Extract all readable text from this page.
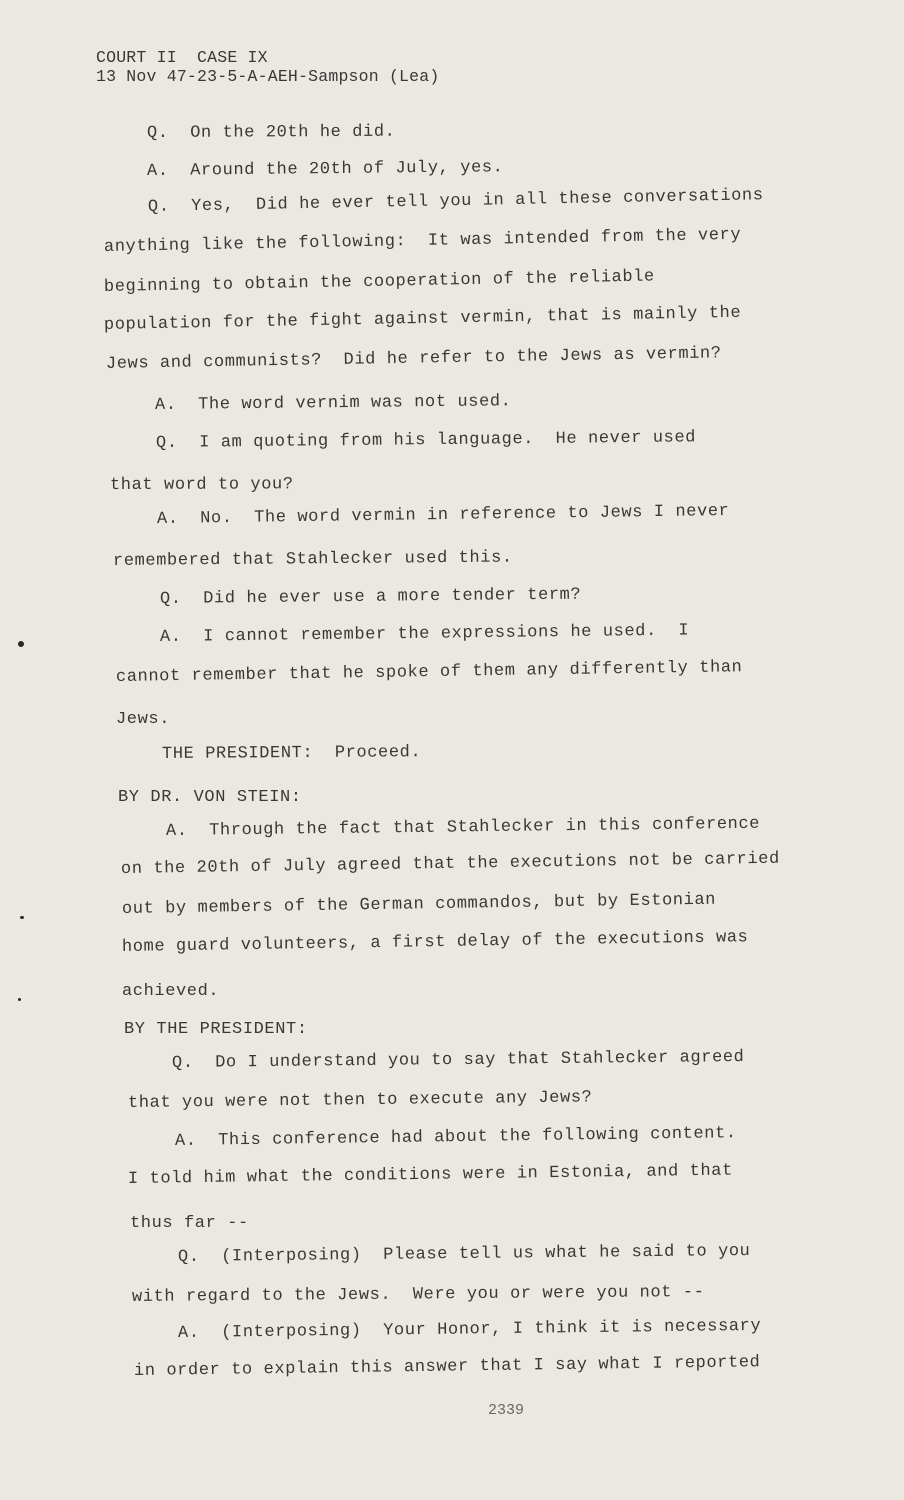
COURT II  CASE IX
13 Nov 47-23-5-A-AEH-Sampson (Lea)
Q.  On the 20th he did.
A.  Around the 20th of July, yes.
Q.  Yes,  Did he ever tell you in all these conversations
anything like the following:  It was intended from the very
beginning to obtain the cooperation of the reliable
population for the fight against vermin, that is mainly the
Jews and communists?  Did he refer to the Jews as vermin?
A.  The word vernim was not used.
Q.  I am quoting from his language.  He never used
that word to you?
A.  No.  The word vermin in reference to Jews I never
remembered that Stahlecker used this.
Q.  Did he ever use a more tender term?
A.  I cannot remember the expressions he used.  I
cannot remember that he spoke of them any differently than
Jews.
THE PRESIDENT:  Proceed.
BY DR. VON STEIN:
A.  Through the fact that Stahlecker in this conference
on the 20th of July agreed that the executions not be carried
out by members of the German commandos, but by Estonian
home guard volunteers, a first delay of the executions was
achieved.
BY THE PRESIDENT:
Q.  Do I understand you to say that Stahlecker agreed
that you were not then to execute any Jews?
A.  This conference had about the following content.
I told him what the conditions were in Estonia, and that
thus far --
Q.  (Interposing)  Please tell us what he said to you
with regard to the Jews.  Were you or were you not --
A.  (Interposing)  Your Honor, I think it is necessary
in order to explain this answer that I say what I reported
2339
